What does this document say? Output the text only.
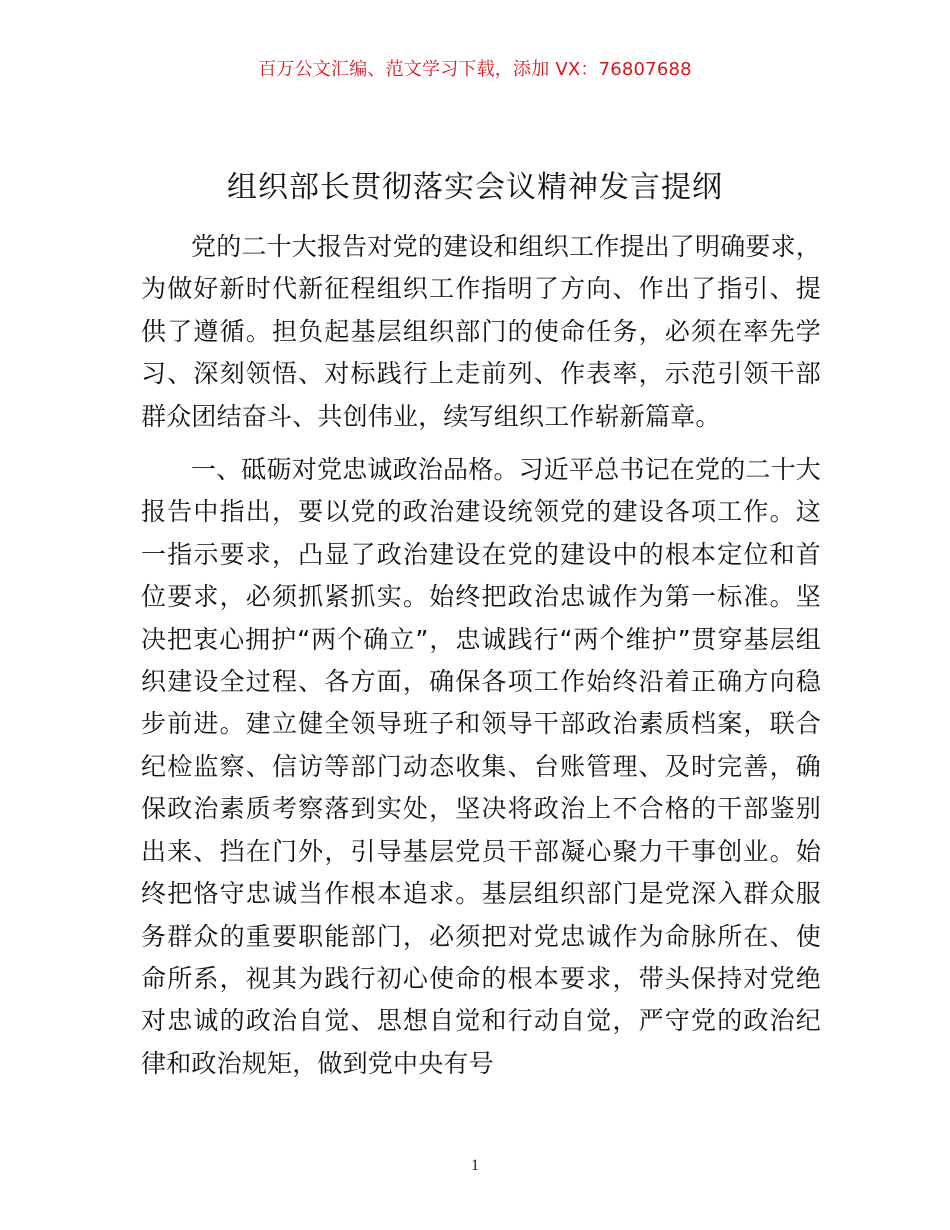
百万公文汇编、范文学习下载，添加 VX：76807688
组织部长贯彻落实会议精神发言提纲

党的二十大报告对党的建设和组织工作提出了明确要求，为做好新时代新征程组织工作指明了方向、作出了指引、提供了遵循。担负起基层组织部门的使命任务，必须在率先学习、深刻领悟、对标践行上走前列、作表率，示范引领干部群众团结奋斗、共创伟业，续写组织工作崭新篇章。

一、砥砺对党忠诚政治品格。习近平总书记在党的二十大报告中指出，要以党的政治建设统领党的建设各项工作。这一指示要求，凸显了政治建设在党的建设中的根本定位和首位要求，必须抓紧抓实。始终把政治忠诚作为第一标准。坚决把衷心拥护“两个确立”，忠诚践行“两个维护”贯穿基层组织建设全过程、各方面，确保各项工作始终沿着正确方向稳步前进。建立健全领导班子和领导干部政治素质档案，联合纪检监察、信访等部门动态收集、台账管理、及时完善，确保政治素质考察落到实处，坚决将政治上不合格的干部鉴别出来、挡在门外，引导基层党员干部凝心聚力干事创业。始终把恪守忠诚当作根本追求。基层组织部门是党深入群众服务群众的重要职能部门，必须把对党忠诚作为命脉所在、使命所系，视其为践行初心使命的根本要求，带头保持对党绝对忠诚的政治自觉、思想自觉和行动自觉，严守党的政治纪律和政治规矩，做到党中央有号

1
